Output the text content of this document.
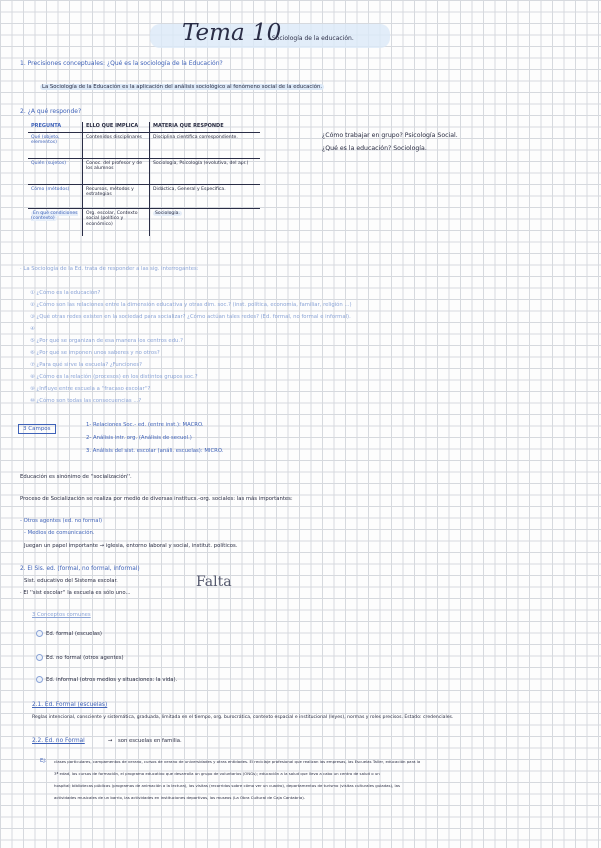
Tema 10
: Sociología de la educación.
1. Precisiones conceptuales: ¿Qué es la sociología de la Educación?
La Sociología de la Educación es la aplicación del análisis sociológico al fenómeno social de la educación.
2. ¿A qué responde?
PREGUNTA	ELLO QUE IMPLICA	MATERIA QUE RESPONDE
Qué (objeto, elementos)	Contenidos disciplinares	Disciplina científica correspondiente.
Quién (sujetos)	Conoc. del profesor y de los alumnos	Sociología, Psicología (evolutiva, del apr.)
Cómo (métodos)	Recursos, métodos y estrategias	Didáctica, General y Específica.
En qué condiciones (contexto)	Org. escolar, Contexto social (político y económico)	Sociología.
¿Cómo trabajar en grupo? Psicología Social.
¿Qué es la educación? Sociología.
· La Sociología de la Ed. trata de responder a las sig. interrogantes:
① ¿Cómo es la educación?
② ¿Cómo son las relaciones entre la dimensión educativa y otras dim. soc.? (inst. política, economía, familiar, religión ...)
③ ¿Qué otras redes existen en la sociedad para socializar? ¿Cómo actúan tales redes? (Ed. formal, no formal e informal).
④
⑤ ¿Por qué se organizan de esa manera los centros edu.?
⑥ ¿Por qué se imponen unos saberes y no otros?
⑦ ¿Para qué sirve la escuela? ¿Funciones?
⑧ ¿Cómo es la relación (procesos) en los distintos grupos soc.?
⑨ ¿Influye entre escuela a ''fracaso escolar''?
⑩ ¿Cómo son todas las consecuencias ...?
3 Campos
1- Relaciones Soc.- ed. (entre inst.): MACRO.
2- Análisis intr. org. (Análisis de secuel.)
3. Análisis del sist. escolar (análi. escuelas): MICRO.
Educación es sinónimo de ''socialización''.
Proceso de Socialización se realiza por medio de diversas institucs.-org. sociales: las más importantes:
- Otros agentes (ed. no formal)
- Medios de comunicación.
Juegan un papel importante → iglesia, entorno laboral y social, institut. políticos.
2. El Sis. ed. (formal, no formal, informal)
Sist. educativo del Sistema escolar.
· El ''sist escolar'' la escuela es sólo uno...
Falta
3 Conceptos comunes
Ed. formal (escuelas)
Ed. no formal (otros agentes)
Ed. informal (otros medios y situaciones: la vida).
2.1. Ed. Formal (escuelas)
Reglas intencional, consciente y sistemática, graduada, limitada en el tiempo, org. burocrática, contexto espacial e institucional (leyes), normas y roles precisos. Estado: credenciales.
2.2. Ed. no Formal	→ son escuelas en familia.
Ej: clases particulares, campamentos de verano, cursos de verano de universidades y otras entidades. El reciclaje profesional que realizan las empresas, las Escuelas Taller, educación para la
3ª edad, los cursos de formación, el programa educativo que desarrolla un grupo de voluntarios (ONGs); educación a la salud que lleva a cabo un centro de salud o un
hospital; bibliotecas públicas (programas de animación a la lectura), las visitas (recorridos sobre cómo ver un cuadro), departamentos de turismo (visitas culturales guiadas), las
actividades musicales de un barrio, las actividades en instituciones deportivas, los museos (La Obra Cultural de Caja Cantabria).
